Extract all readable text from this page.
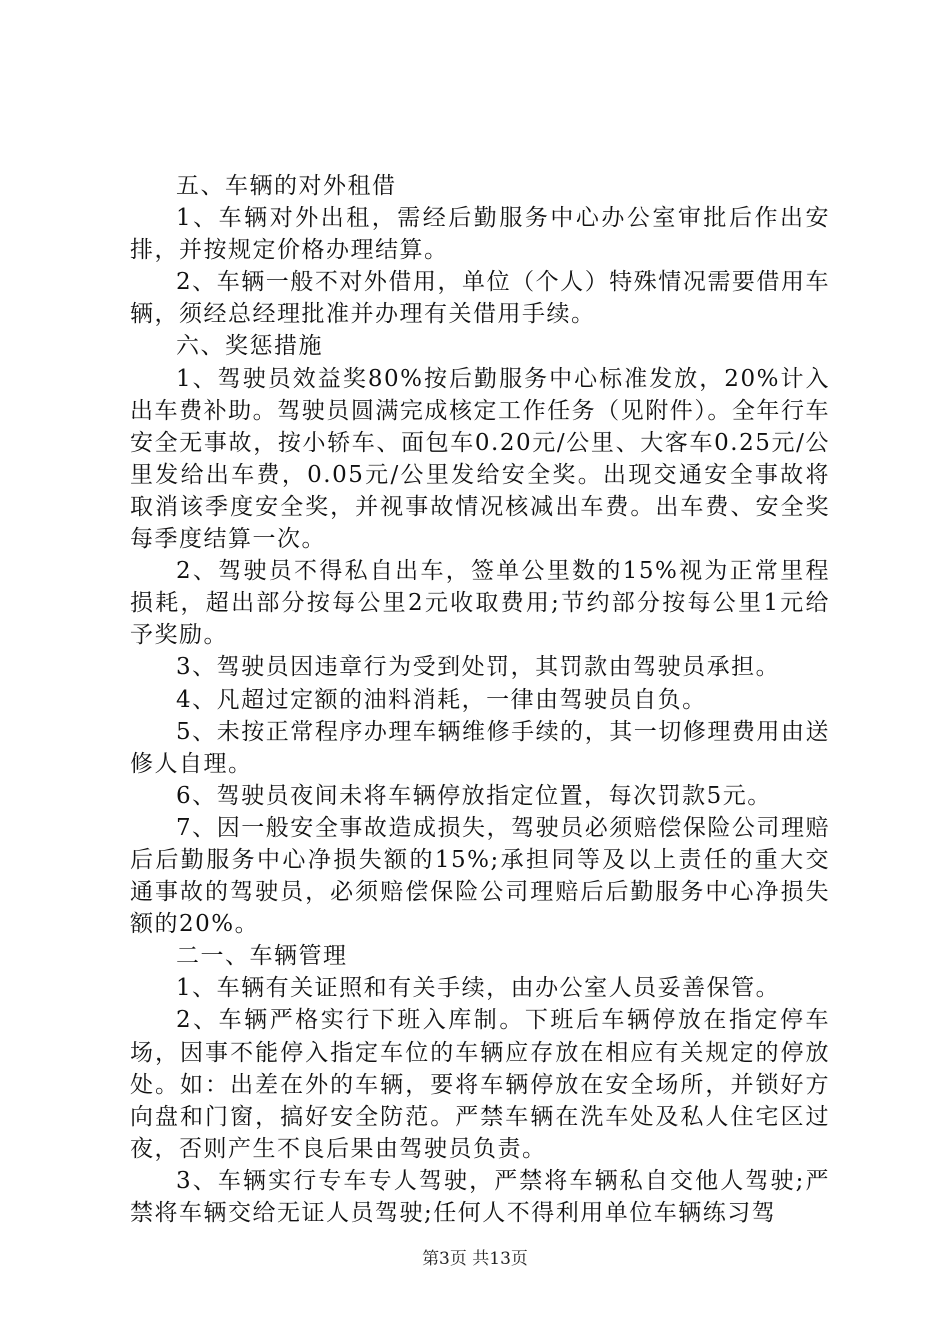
五、车辆的对外租借

1、车辆对外出租，需经后勤服务中心办公室审批后作出安排，并按规定价格办理结算。

2、车辆一般不对外借用，单位（个人）特殊情况需要借用车辆，须经总经理批准并办理有关借用手续。

六、奖惩措施

1、驾驶员效益奖80%按后勤服务中心标准发放，20%计入出车费补助。驾驶员圆满完成核定工作任务（见附件）。全年行车安全无事故，按小轿车、面包车0.20元/公里、大客车0.25元/公里发给出车费，0.05元/公里发给安全奖。出现交通安全事故将取消该季度安全奖，并视事故情况核减出车费。出车费、安全奖每季度结算一次。

2、驾驶员不得私自出车，签单公里数的15%视为正常里程损耗，超出部分按每公里2元收取费用;节约部分按每公里1元给予奖励。

3、驾驶员因违章行为受到处罚，其罚款由驾驶员承担。

4、凡超过定额的油料消耗，一律由驾驶员自负。

5、未按正常程序办理车辆维修手续的，其一切修理费用由送修人自理。

6、驾驶员夜间未将车辆停放指定位置，每次罚款5元。

7、因一般安全事故造成损失，驾驶员必须赔偿保险公司理赔后后勤服务中心净损失额的15%;承担同等及以上责任的重大交通事故的驾驶员，必须赔偿保险公司理赔后后勤服务中心净损失额的20%。

二一、车辆管理

1、车辆有关证照和有关手续，由办公室人员妥善保管。

2、车辆严格实行下班入库制。下班后车辆停放在指定停车场，因事不能停入指定车位的车辆应存放在相应有关规定的停放处。如：出差在外的车辆，要将车辆停放在安全场所，并锁好方向盘和门窗，搞好安全防范。严禁车辆在洗车处及私人住宅区过夜，否则产生不良后果由驾驶员负责。

3、车辆实行专车专人驾驶，严禁将车辆私自交他人驾驶;严禁将车辆交给无证人员驾驶;任何人不得利用单位车辆练习驾

第3页 共13页
